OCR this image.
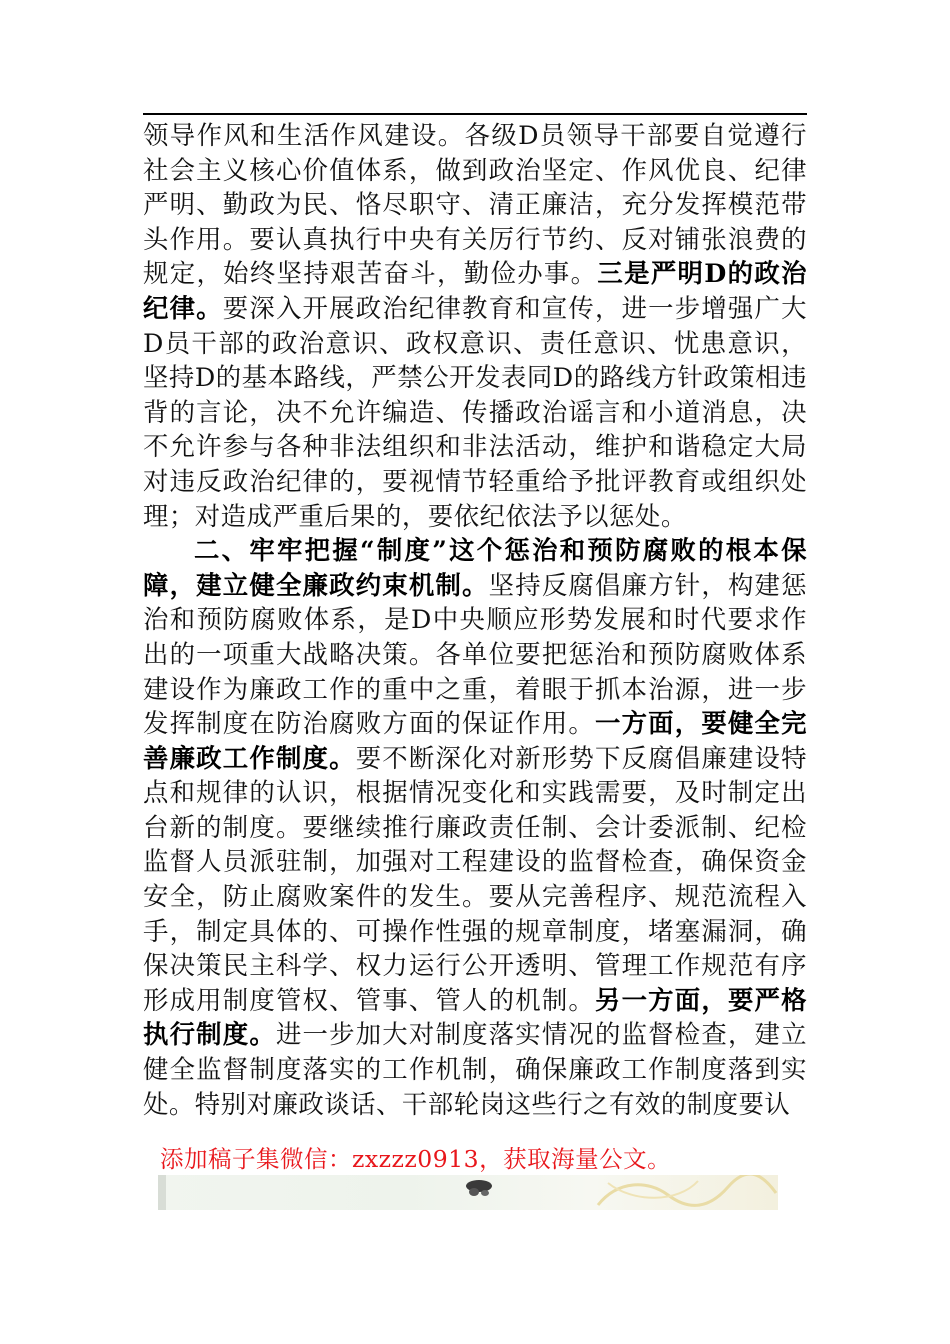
领导作风和生活作风建设。各级D员领导干部要自觉遵行社会主义核心价值体系，做到政治坚定、作风优良、纪律严明、勤政为民、恪尽职守、清正廉洁，充分发挥模范带头作用。要认真执行中央有关厉行节约、反对铺张浪费的规定，始终坚持艰苦奋斗，勤俭办事。三是严明D的政治纪律。要深入开展政治纪律教育和宣传，进一步增强广大D员干部的政治意识、政权意识、责任意识、忧患意识，坚持D的基本路线，严禁公开发表同D的路线方针政策相违背的言论，决不允许编造、传播政治谣言和小道消息，决不允许参与各种非法组织和非法活动，维护和谐稳定大局对违反政治纪律的，要视情节轻重给予批评教育或组织处理；对造成严重后果的，要依纪依法予以惩处。

二、牢牢把握“制度”这个惩治和预防腐败的根本保障，建立健全廉政约束机制。坚持反腐倡廉方针，构建惩治和预防腐败体系，是D中央顺应形势发展和时代要求作出的一项重大战略决策。各单位要把惩治和预防腐败体系建设作为廉政工作的重中之重，着眼于抓本治源，进一步发挥制度在防治腐败方面的保证作用。一方面，要健全完善廉政工作制度。要不断深化对新形势下反腐倡廉建设特点和规律的认识，根据情况变化和实践需要，及时制定出台新的制度。要继续推行廉政责任制、会计委派制、纪检监督人员派驻制，加强对工程建设的监督检查，确保资金安全，防止腐败案件的发生。要从完善程序、规范流程入手，制定具体的、可操作性强的规章制度，堵塞漏洞，确保决策民主科学、权力运行公开透明、管理工作规范有序形成用制度管权、管事、管人的机制。另一方面，要严格执行制度。进一步加大对制度落实情况的监督检查，建立健全监督制度落实的工作机制，确保廉政工作制度落到实处。特别对廉政谈话、干部轮岗这些行之有效的制度要认

添加稿子集微信：zxzzz0913，获取海量公文。
